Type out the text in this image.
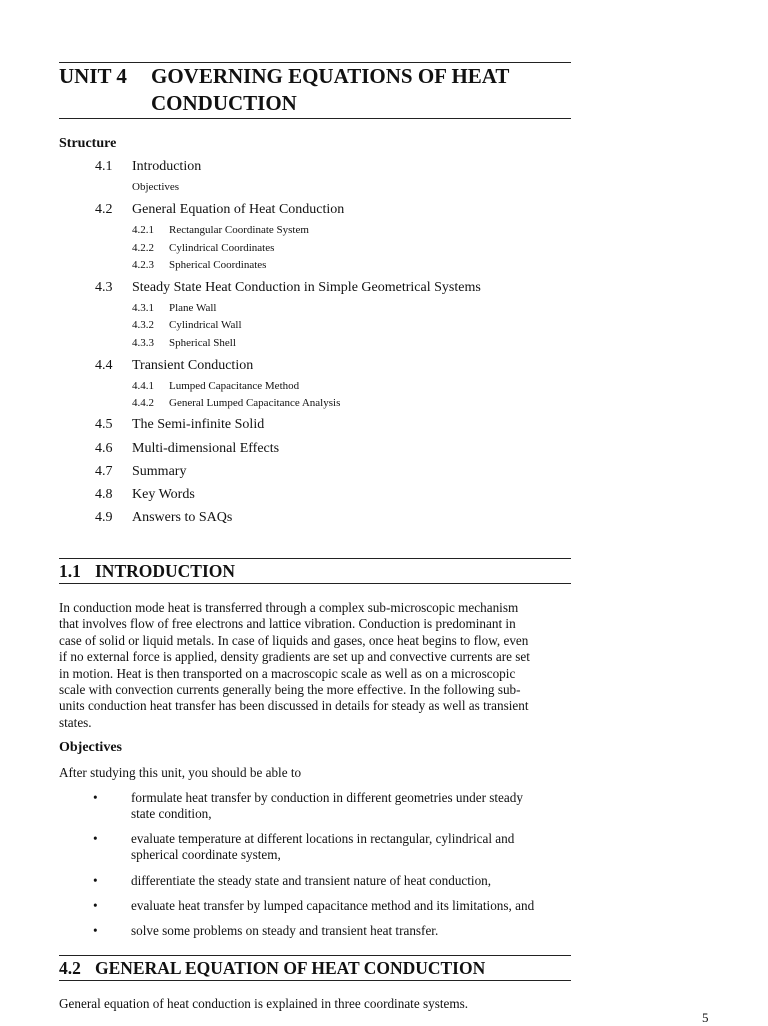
UNIT 4 GOVERNING EQUATIONS OF HEAT CONDUCTION
Structure
4.1 Introduction
Objectives
4.2 General Equation of Heat Conduction
4.2.1 Rectangular Coordinate System
4.2.2 Cylindrical Coordinates
4.2.3 Spherical Coordinates
4.3 Steady State Heat Conduction in Simple Geometrical Systems
4.3.1 Plane Wall
4.3.2 Cylindrical Wall
4.3.3 Spherical Shell
4.4 Transient Conduction
4.4.1 Lumped Capacitance Method
4.4.2 General Lumped Capacitance Analysis
4.5 The Semi-infinite Solid
4.6 Multi-dimensional Effects
4.7 Summary
4.8 Key Words
4.9 Answers to SAQs
1.1 INTRODUCTION
In conduction mode heat is transferred through a complex sub-microscopic mechanism
that involves flow of free electrons and lattice vibration. Conduction is predominant in
case of solid or liquid metals. In case of liquids and gases, once heat begins to flow, even
if no external force is applied, density gradients are set up and convective currents are set
in motion. Heat is then transported on a macroscopic scale as well as on a microscopic
scale with convection currents generally being the more effective. In the following sub-
units conduction heat transfer has been discussed in details for steady as well as transient
states.
Objectives
After studying this unit, you should be able to
•	formulate heat transfer by conduction in different geometries under steady
state condition,
•	evaluate temperature at different locations in rectangular, cylindrical and
spherical coordinate system,
•	differentiate the steady state and transient nature of heat conduction,
•	evaluate heat transfer by lumped capacitance method and its limitations, and
•	solve some problems on steady and transient heat transfer.
4.2 GENERAL EQUATION OF HEAT CONDUCTION
General equation of heat conduction is explained in three coordinate systems.
5
